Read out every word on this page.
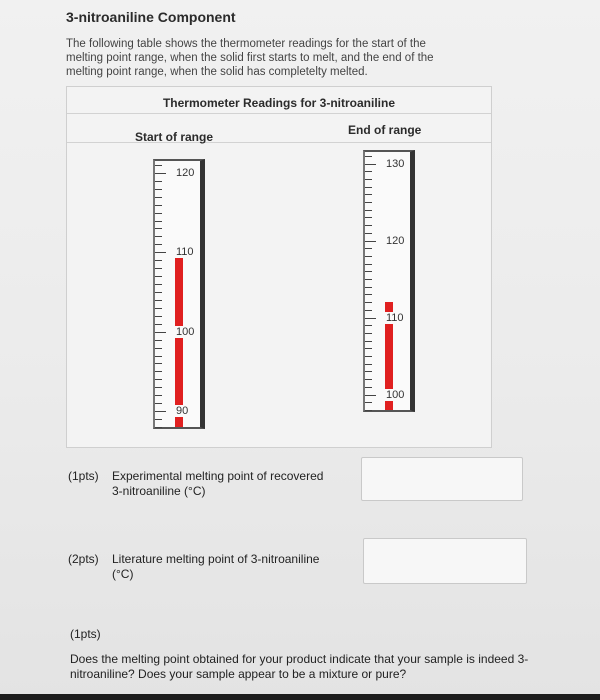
3-nitroaniline Component
The following table shows the thermometer readings for the start of the melting point range, when the solid first starts to melt, and the end of the melting point range, when the solid has completelty melted.
Thermometer Readings for 3-nitroaniline
Start of range	End of range
120
110
100
90
130
120
110
100
(1pts) Experimental melting point of recovered
3-nitroaniline (°C)
(2pts) Literature melting point of 3-nitroaniline
(°C)
(1pts)
Does the melting point obtained for your product indicate that your sample is indeed 3-nitroaniline? Does your sample appear to be a mixture or pure?
